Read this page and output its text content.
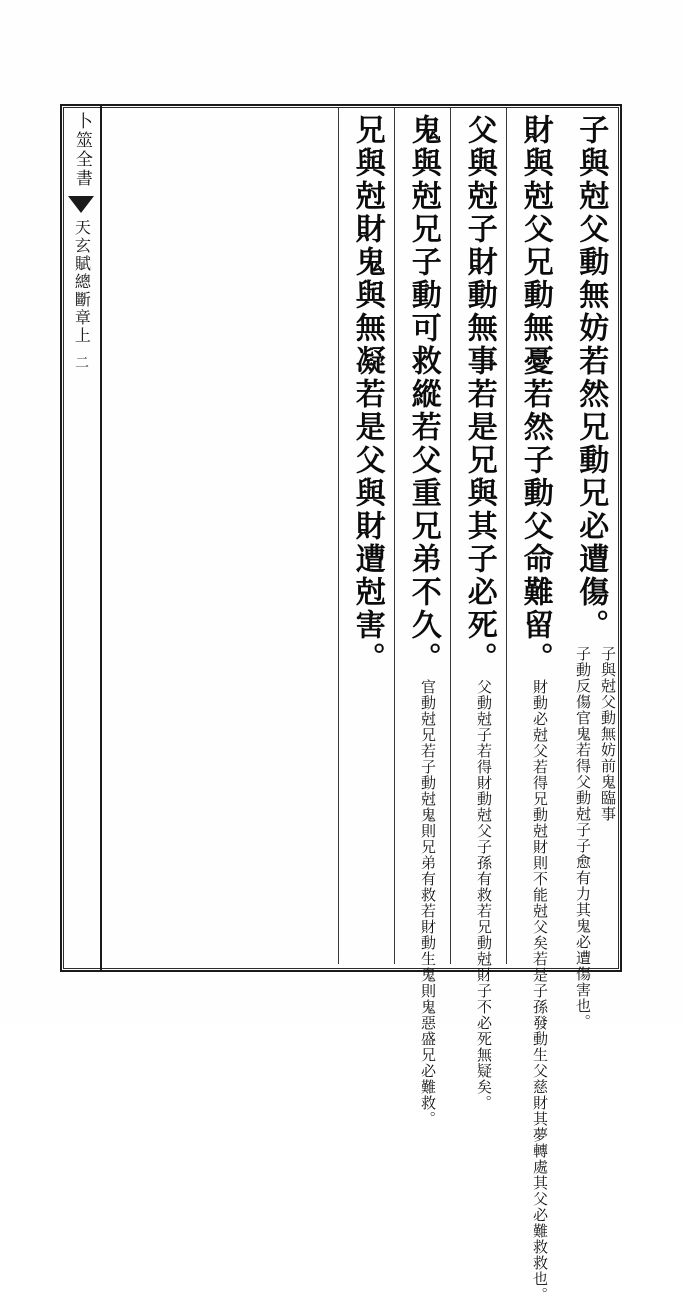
卜筮全書
天玄賦總斷章上
二	子與尅父動無妨若然兄動兄必遭傷。
子與尅父動無妨前鬼臨事
子動反傷官鬼若得父動尅子子愈有力其鬼必遭傷害也。
財與尅父兄動無憂若然子動父命難留。
財動必尅父若得兄動尅財則不能尅父矣若是子孫發動生父慈財其夢轉處其父必難救救也。
父與尅子財動無事若是兄與其子必死。
父動尅子若得財動尅父子孫有救若兄動尅財子不必死無疑矣。
鬼與尅兄子動可救縱若父重兄弟不久。
官動尅兄若子動尅鬼則兄弟有救若財動生鬼則鬼惡盛兄必難救。
兄與尅財鬼與無凝若是父與財遭尅害。
